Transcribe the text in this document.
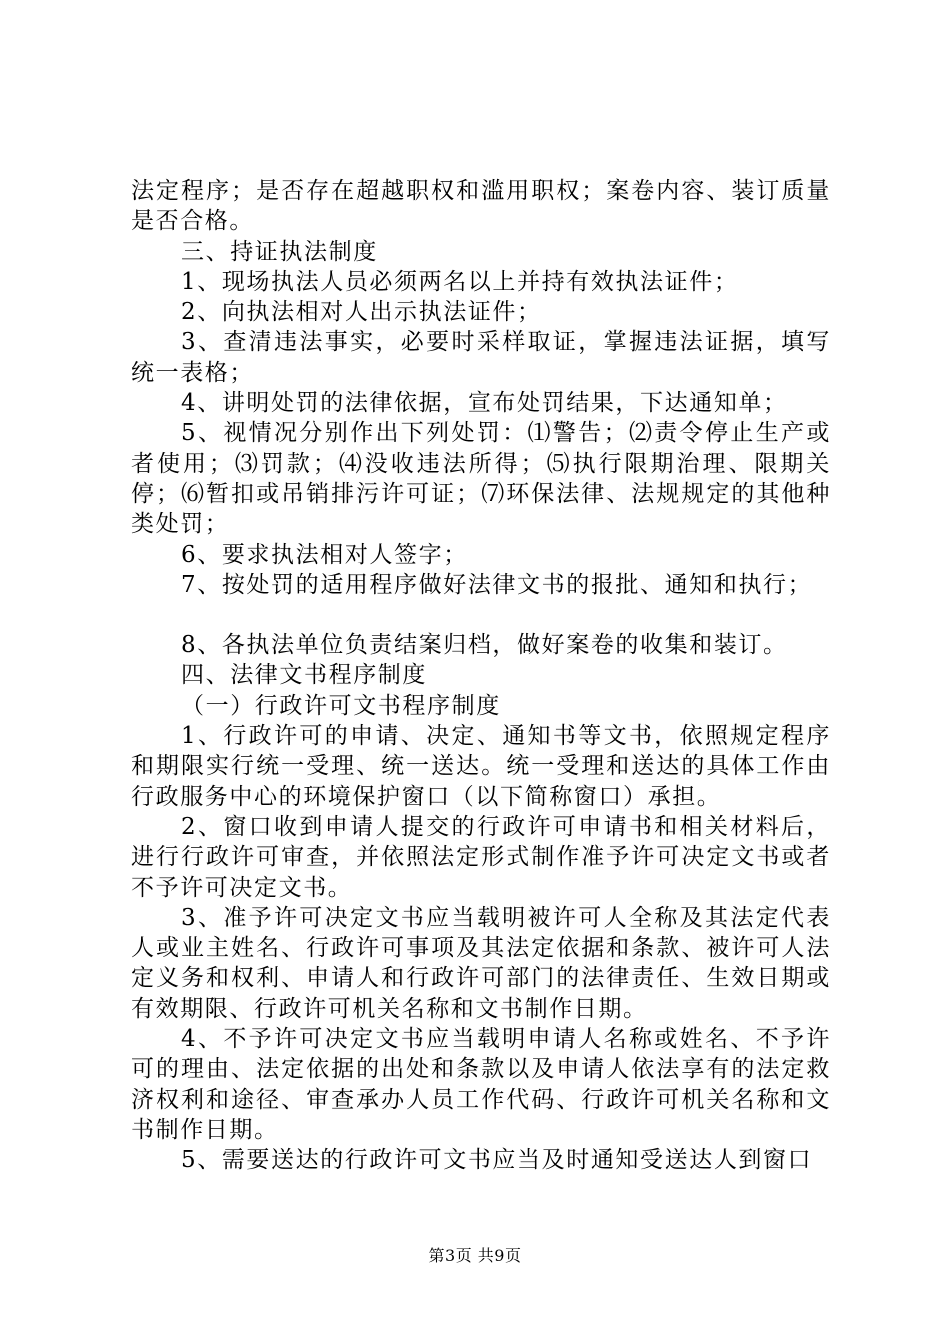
法定程序；是否存在超越职权和滥用职权；案卷内容、装订质量是否合格。

三、持证执法制度

1、现场执法人员必须两名以上并持有效执法证件；

2、向执法相对人出示执法证件；

3、查清违法事实，必要时采样取证，掌握违法证据，填写统一表格；

4、讲明处罚的法律依据，宣布处罚结果，下达通知单；

5、视情况分别作出下列处罚：⑴警告；⑵责令停止生产或者使用；⑶罚款；⑷没收违法所得；⑸执行限期治理、限期关停；⑹暂扣或吊销排污许可证；⑺环保法律、法规规定的其他种类处罚；

6、要求执法相对人签字；

7、按处罚的适用程序做好法律文书的报批、通知和执行；

8、各执法单位负责结案归档，做好案卷的收集和装订。

四、法律文书程序制度

（一）行政许可文书程序制度

1、行政许可的申请、决定、通知书等文书，依照规定程序和期限实行统一受理、统一送达。统一受理和送达的具体工作由行政服务中心的环境保护窗口（以下简称窗口）承担。

2、窗口收到申请人提交的行政许可申请书和相关材料后，进行行政许可审查，并依照法定形式制作准予许可决定文书或者不予许可决定文书。

3、准予许可决定文书应当载明被许可人全称及其法定代表人或业主姓名、行政许可事项及其法定依据和条款、被许可人法定义务和权利、申请人和行政许可部门的法律责任、生效日期或有效期限、行政许可机关名称和文书制作日期。

4、不予许可决定文书应当载明申请人名称或姓名、不予许可的理由、法定依据的出处和条款以及申请人依法享有的法定救济权利和途径、审查承办人员工作代码、行政许可机关名称和文书制作日期。

5、需要送达的行政许可文书应当及时通知受送达人到窗口

第3页 共9页
